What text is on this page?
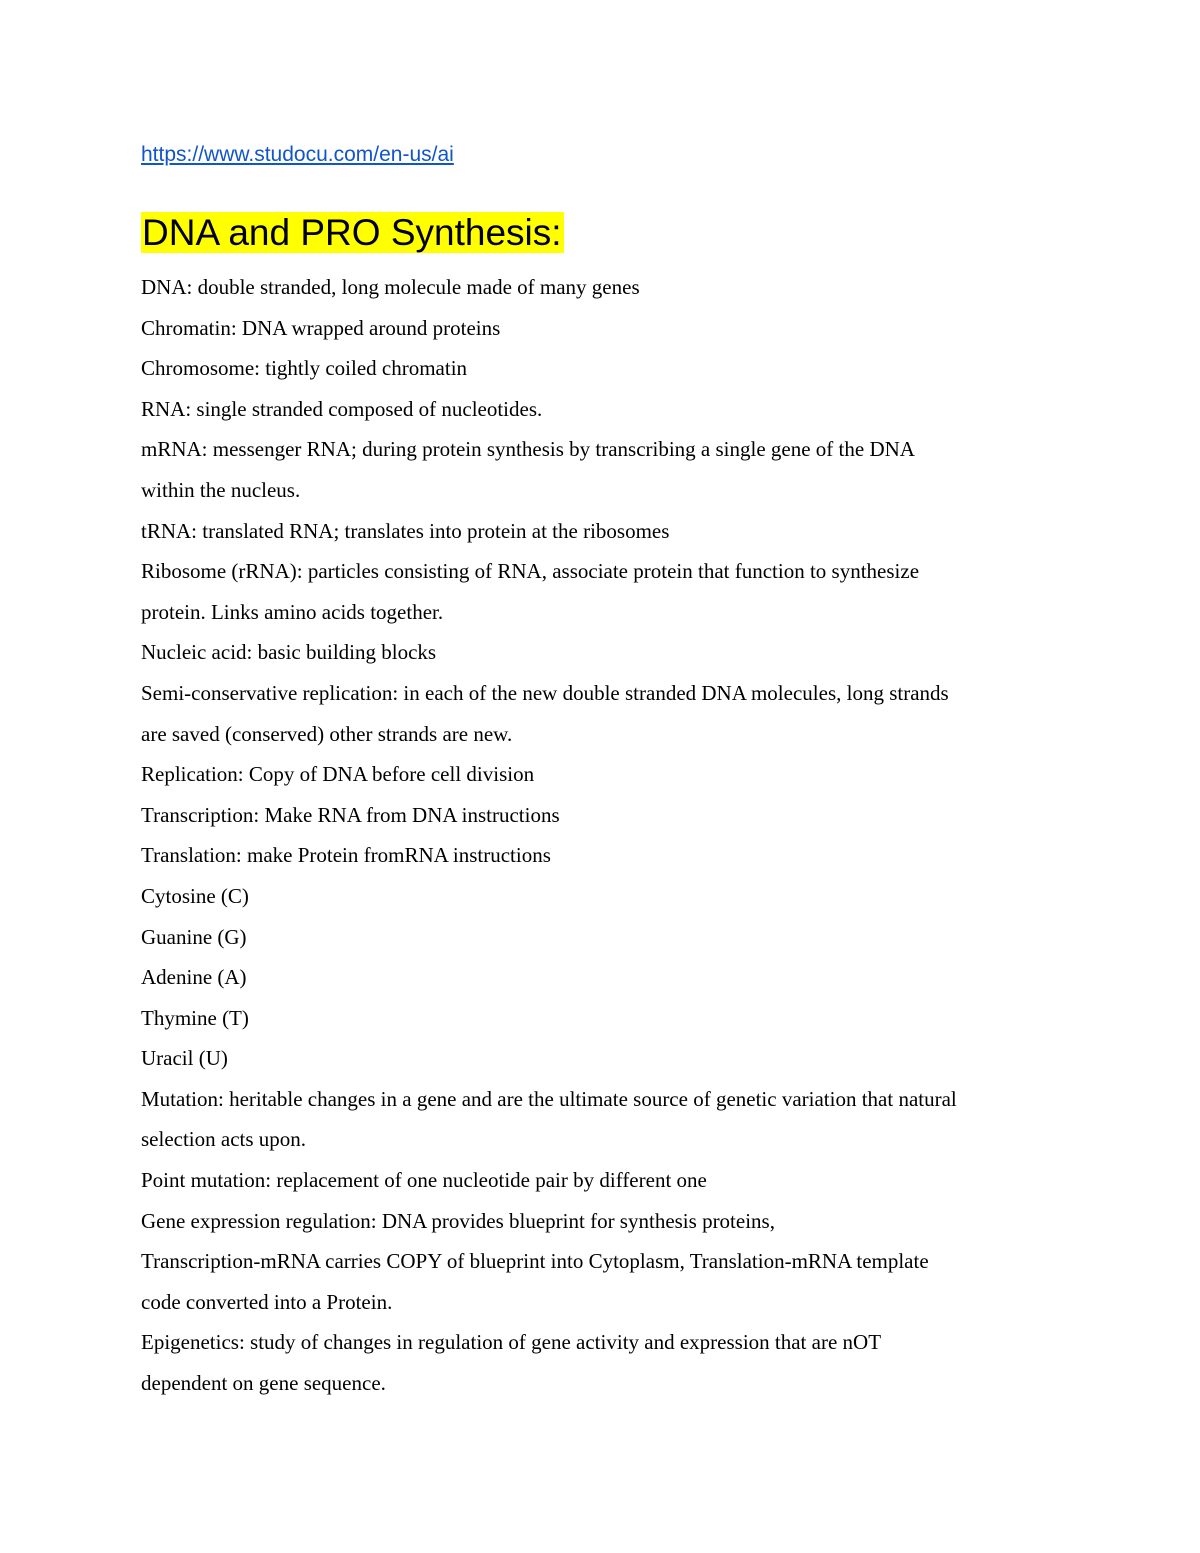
https://www.studocu.com/en-us/ai
DNA and PRO Synthesis:
DNA: double stranded, long molecule made of many genes
Chromatin: DNA wrapped around proteins
Chromosome: tightly coiled chromatin
RNA: single stranded composed of nucleotides.
mRNA: messenger RNA; during protein synthesis by transcribing a single gene of the DNA
within the nucleus.
tRNA: translated RNA; translates into protein at the ribosomes
Ribosome (rRNA): particles consisting of RNA, associate protein that function to synthesize
protein. Links amino acids together.
Nucleic acid: basic building blocks
Semi-conservative replication: in each of the new double stranded DNA molecules, long strands
are saved (conserved) other strands are new.
Replication: Copy of DNA before cell division
Transcription: Make RNA from DNA instructions
Translation: make Protein fromRNA instructions
Cytosine (C)
Guanine (G)
Adenine (A)
Thymine (T)
Uracil (U)
Mutation: heritable changes in a gene and are the ultimate source of genetic variation that natural
selection acts upon.
Point mutation: replacement of one nucleotide pair by different one
Gene expression regulation: DNA provides blueprint for synthesis proteins,
Transcription-mRNA carries COPY of blueprint into Cytoplasm, Translation-mRNA template
code converted into a Protein.
Epigenetics: study of changes in regulation of gene activity and expression that are nOT
dependent on gene sequence.
